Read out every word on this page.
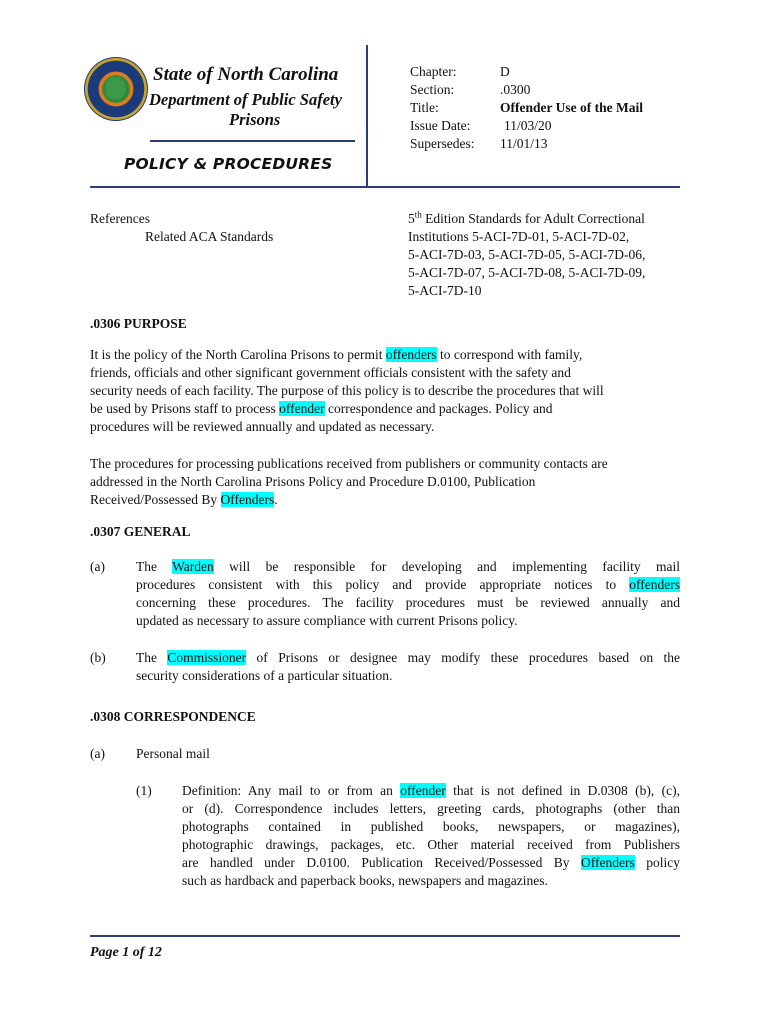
State of North Carolina
Department of Public Safety
Prisons
POLICY & PROCEDURES
Chapter:	D
Section:	.0300
Title:	Offender Use of the Mail
Issue Date: 11/03/20
Supersedes: 11/01/13
References
Related ACA Standards
5th Edition Standards for Adult Correctional
Institutions 5-ACI-7D-01, 5-ACI-7D-02,
5-ACI-7D-03, 5-ACI-7D-05, 5-ACI-7D-06,
5-ACI-7D-07, 5-ACI-7D-08, 5-ACI-7D-09,
5-ACI-7D-10
.0306 PURPOSE
It is the policy of the North Carolina Prisons to permit offenders to correspond with family,
friends, officials and other significant government officials consistent with the safety and
security needs of each facility. The purpose of this policy is to describe the procedures that will
be used by Prisons staff to process offender correspondence and packages. Policy and
procedures will be reviewed annually and updated as necessary.
The procedures for processing publications received from publishers or community contacts are
addressed in the North Carolina Prisons Policy and Procedure D.0100, Publication
Received/Possessed By Offenders.
.0307 GENERAL
(a) The Warden will be responsible for developing and implementing facility mail
procedures consistent with this policy and provide appropriate notices to offenders
concerning these procedures. The facility procedures must be reviewed annually and
updated as necessary to assure compliance with current Prisons policy.
(b) The Commissioner of Prisons or designee may modify these procedures based on the
security considerations of a particular situation.
.0308 CORRESPONDENCE
(a) Personal mail
(1) Definition: Any mail to or from an offender that is not defined in D.0308 (b), (c),
or (d). Correspondence includes letters, greeting cards, photographs (other than
photographs contained in published books, newspapers, or magazines),
photographic drawings, packages, etc. Other material received from Publishers
are handled under D.0100. Publication Received/Possessed By Offenders policy
such as hardback and paperback books, newspapers and magazines.
Page 1 of 12
